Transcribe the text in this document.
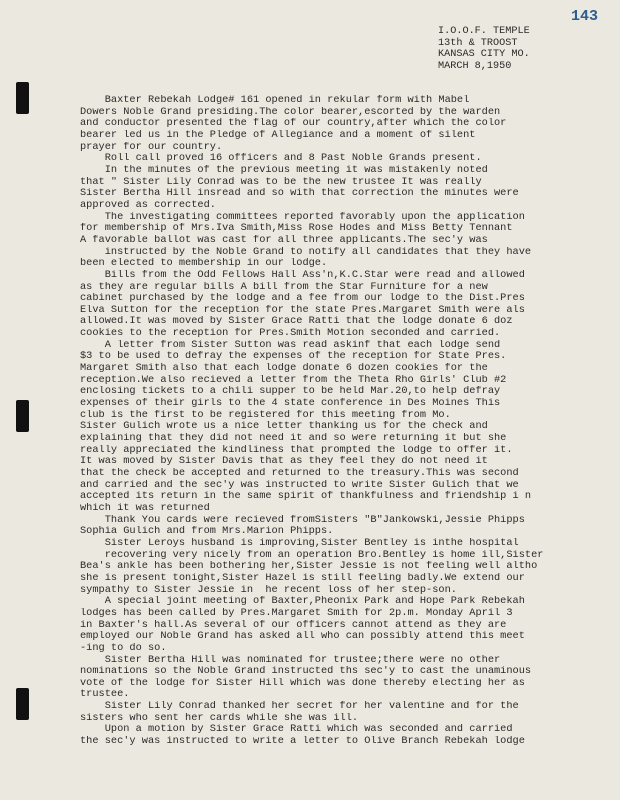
143
I.O.O.F. TEMPLE
13th & TROOST
KANSAS CITY MO.
MARCH 8,1950
Baxter Rebekah Lodge# 161 opened in rekular form with Mabel
Dowers Noble Grand presiding.The color bearer,escorted by the warden
and conductor presented the flag of our country,after which the color
bearer led us in the Pledge of Allegiance and a moment of silent
prayer for our country.
Roll call proved 16 officers and 8 Past Noble Grands present.
In the minutes of the previous meeting it was mistakenly noted
that " Sister Lily Conrad was to be the new trustee It was really
Sister Bertha Hill insread and so with that correction the minutes were
approved as corrected.
The investigating committees reported favorably upon the application
for membership of Mrs.Iva Smith,Miss Rose Hodes and Miss Betty Tennant
A favorable ballot was cast for all three applicants.The sec'y was
instructed by the Noble Grand to notify all candidates that they have
been elected to membership in our lodge.
Bills from the Odd Fellows Hall Ass'n,K.C.Star were read and allowed
as they are regular bills A bill from the Star Furniture for a new
cabinet purchased by the lodge and a fee from our lodge to the Dist.Pres
Elva Sutton for the reception for the state Pres.Margaret Smith were als
allowed.It was moved by Sister Grace Ratti that the lodge donate 6 doz
cookies to the reception for Pres.Smith Motion seconded and carried.
A letter from Sister Sutton was read askinf that each lodge send
$3 to be used to defray the expenses of the reception for State Pres.
Margaret Smith also that each lodge donate 6 dozen cookies for the
reception.We also recieved a letter from the Theta Rho Girls' Club #2
enclosing tickets to a chili supper to be held Mar.20,to help defray
expenses of their girls to the 4 state conference in Des Moines This
club is the first to be registered for this meeting from Mo.
Sister Gulich wrote us a nice letter thanking us for the check and
explaining that they did not need it and so were returning it but she
really appreciated the kindliness that prompted the lodge to offer it.
It was moved by Sister Davis that as they feel they do not need it
that the check be accepted and returned to the treasury.This was second
and carried and the sec'y was instructed to write Sister Gulich that we
accepted its return in the same spirit of thankfulness and friendship i n
which it was returned
Thank You cards were recieved fromSisters "B"Jankowski,Jessie Phipps
Sophia Gulich and from Mrs.Marion Phipps.
Sister Leroys husband is improving,Sister Bentley is inthe hospital
recovering very nicely from an operation Bro.Bentley is home ill,Sister
Bea's ankle has been bothering her,Sister Jessie is not feeling well altho
she is present tonight,Sister Hazel is still feeling badly.We extend our
sympathy to Sister Jessie in  he recent loss of her step-son.
A special joint meeting of Baxter,Pheonix Park and Hope Park Rebekah
lodges has been called by Pres.Margaret Smith for 2p.m. Monday April 3
in Baxter's hall.As several of our officers cannot attend as they are
employed our Noble Grand has asked all who can possibly attend this meet
-ing to do so.
Sister Bertha Hill was nominated for trustee;there were no other
nominations so the Noble Grand instructed ths sec'y to cast the unaminous
vote of the lodge for Sister Hill which was done thereby electing her as
trustee.
Sister Lily Conrad thanked her secret for her valentine and for the
sisters who sent her cards while she was ill.
Upon a motion by Sister Grace Ratti which was seconded and carried
the sec'y was instructed to write a letter to Olive Branch Rebekah lodge
